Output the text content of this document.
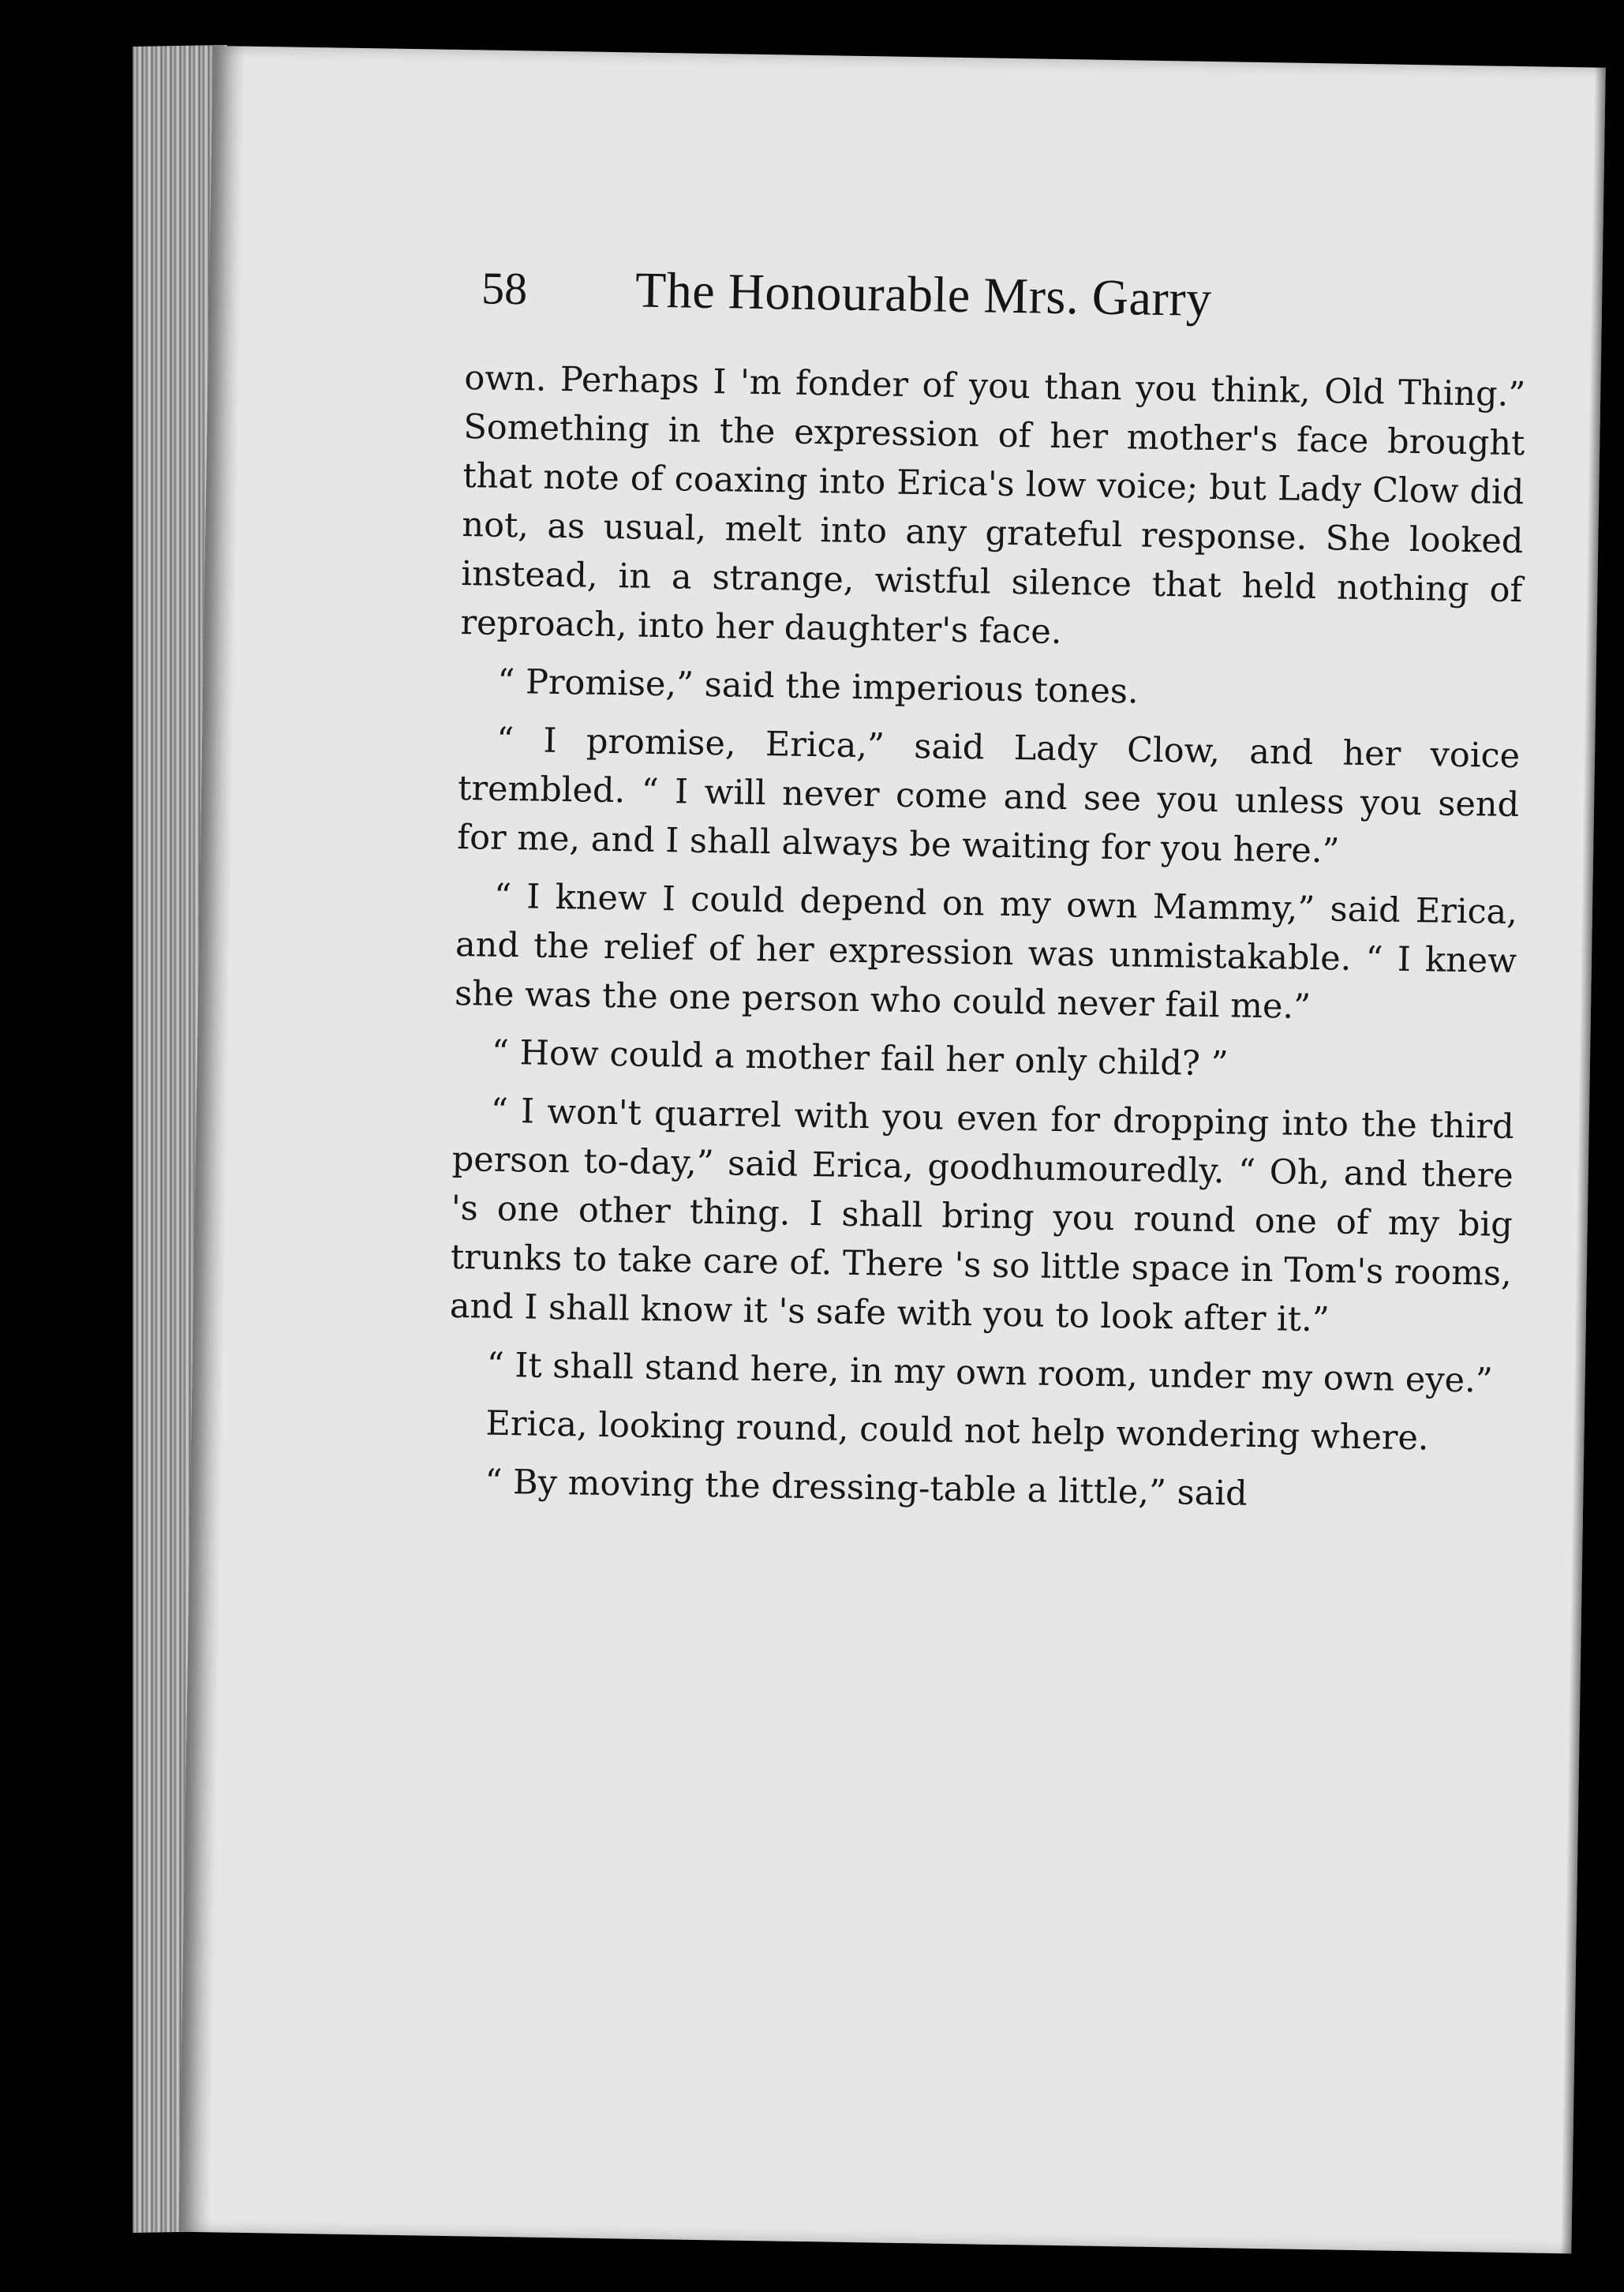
58 The Honourable Mrs. Garry

own. Perhaps I 'm fonder of you than you think, Old Thing.” Something in the expression of her mother's face brought that note of coaxing into Erica's low voice; but Lady Clow did not, as usual, melt into any grateful response. She looked instead, in a strange, wistful silence that held nothing of reproach, into her daughter's face.

“ Promise,” said the imperious tones.

“ I promise, Erica,” said Lady Clow, and her voice trembled. “ I will never come and see you unless you send for me, and I shall always be waiting for you here.”

“ I knew I could depend on my own Mammy,” said Erica, and the relief of her expression was unmistakable. “ I knew she was the one person who could never fail me.”

“ How could a mother fail her only child? ”

“ I won't quarrel with you even for dropping into the third person to-day,” said Erica, goodhumouredly. “ Oh, and there 's one other thing. I shall bring you round one of my big trunks to take care of. There 's so little space in Tom's rooms, and I shall know it 's safe with you to look after it.”

“ It shall stand here, in my own room, under my own eye.”

Erica, looking round, could not help wondering where.

“ By moving the dressing-table a little,” said
